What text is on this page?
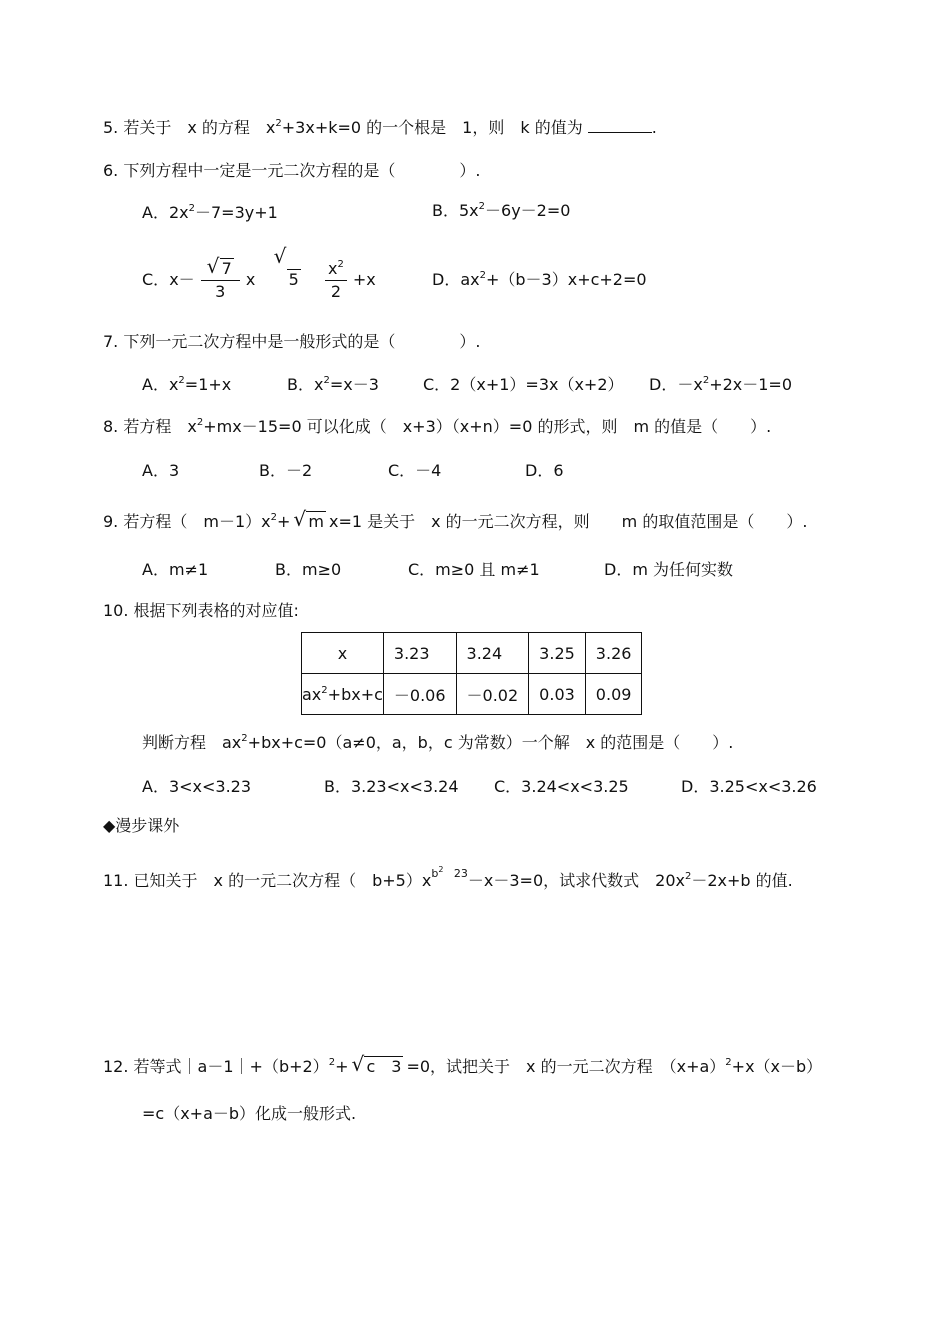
5. 若关于　x 的方程　$x^2+3x+k=0$ 的一个根是　1，则　k 的值为	.
6. 下列方程中一定是一元二次方程的是（　　　　）.
A．$2x^2-7=3y+1$	B．$5x^2-6y-2=0$
C．$x- \frac{√ 7}{3}$ x
√
$5 \frac{x^2}{2} +x$	D．$ax^2+(b-3)x+c+2=0$
7. 下列一元二次方程中是一般形式的是（　　　　）.
A．$x^2=1+x$	B．$x^2=x-3$	C．2（x+1）=3x（x+2） D．$-x^2+2x-1=0$
8. 若方程　$x^2+mx-15=0$ 可以化成（　x+3）（x+n）=0 的形式，则　m 的值是（　　）.
A．3	B．－2	C．－4	D．6
9. 若方程（　$m-1)x^2+$ √ m x=1 是关于　x 的一元二次方程，则　　m 的取值范围是（　　）.
A．m≠1	B．m≥0	C．m≥0 且 m≠1	D．m 为任何实数
10. 根据下列表格的对应值:
x	3.23	3.24	3.25	3.26
$ax^2+bx+c$	－0.06	－0.02	0.03	0.09
判断方程　$ax^2+bx+c=0(a\ne 0$，a，b，c 为常数）一个解　x 的范围是（　　）.
A．3<x<3.23	B．3.23<x<3.24 C．3.24<x<3.25	D．3.25<x<3.26
◆漫步课外
11. 已知关于　x 的一元二次方程（　$b+5)x^{b^2 23}-x-3=0$，试求代数式　$20x^2-2x+b$ 的值.
12. 若等式$|a-1|+(b+2)^2+$ √ c　3 =0，试把关于　x 的一元二次方程　$(x+a)^2+x(x-b)$
=c（x+a－b）化成一般形式.
